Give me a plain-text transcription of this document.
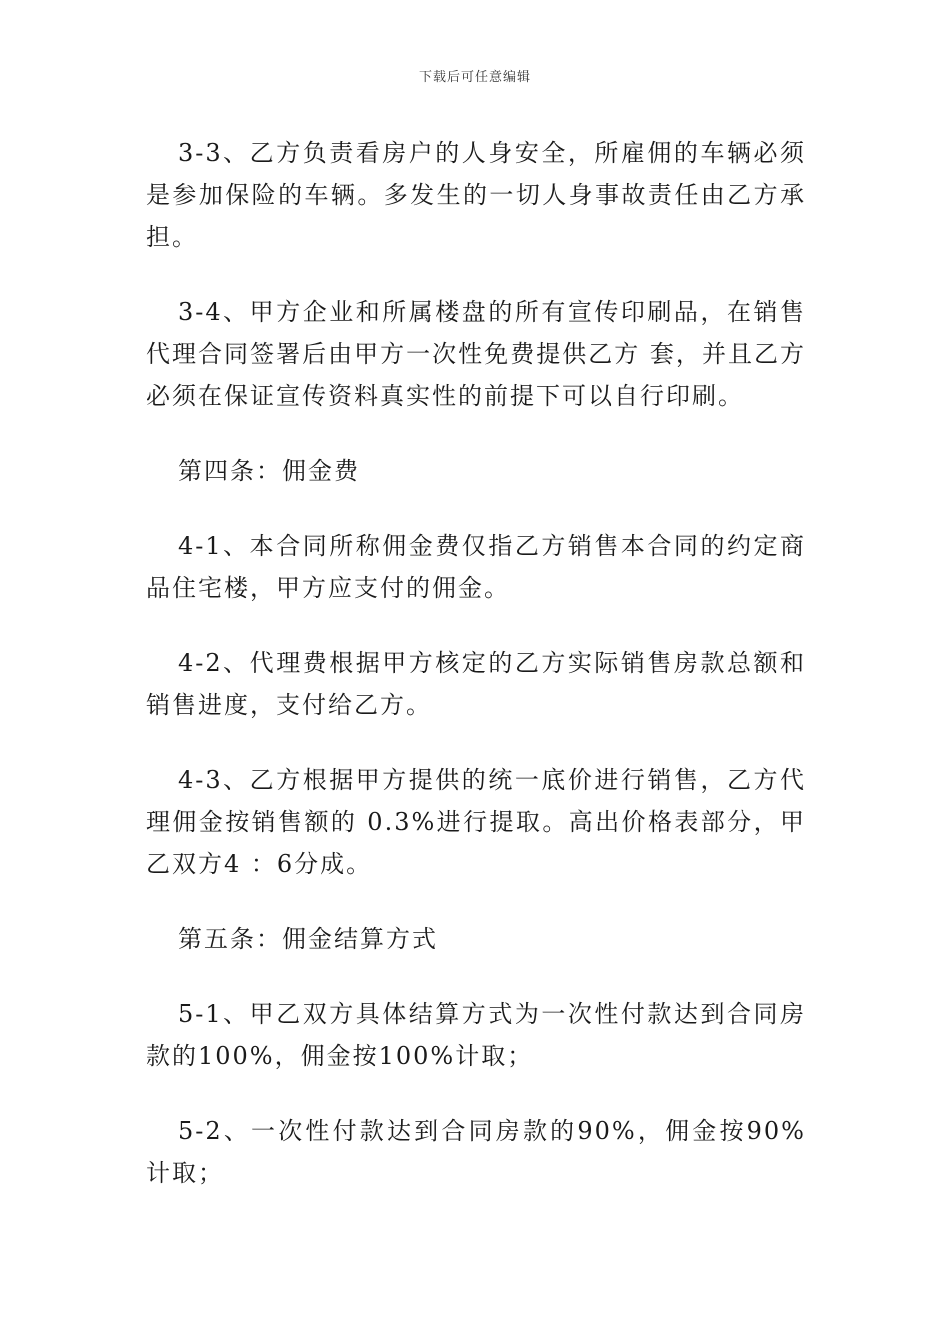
下载后可任意编辑

3-3、乙方负责看房户的人身安全，所雇佣的车辆必须是参加保险的车辆。多发生的一切人身事故责任由乙方承担。

3-4、甲方企业和所属楼盘的所有宣传印刷品，在销售代理合同签署后由甲方一次性免费提供乙方 套，并且乙方必须在保证宣传资料真实性的前提下可以自行印刷。

第四条：佣金费

4-1、本合同所称佣金费仅指乙方销售本合同的约定商品住宅楼，甲方应支付的佣金。

4-2、代理费根据甲方核定的乙方实际销售房款总额和销售进度，支付给乙方。

4-3、乙方根据甲方提供的统一底价进行销售，乙方代理佣金按销售额的 0.3%进行提取。高出价格表部分，甲乙双方4 ：6分成。

第五条：佣金结算方式

5-1、甲乙双方具体结算方式为一次性付款达到合同房款的100%，佣金按100%计取；

5-2、一次性付款达到合同房款的90%，佣金按90%计取；
